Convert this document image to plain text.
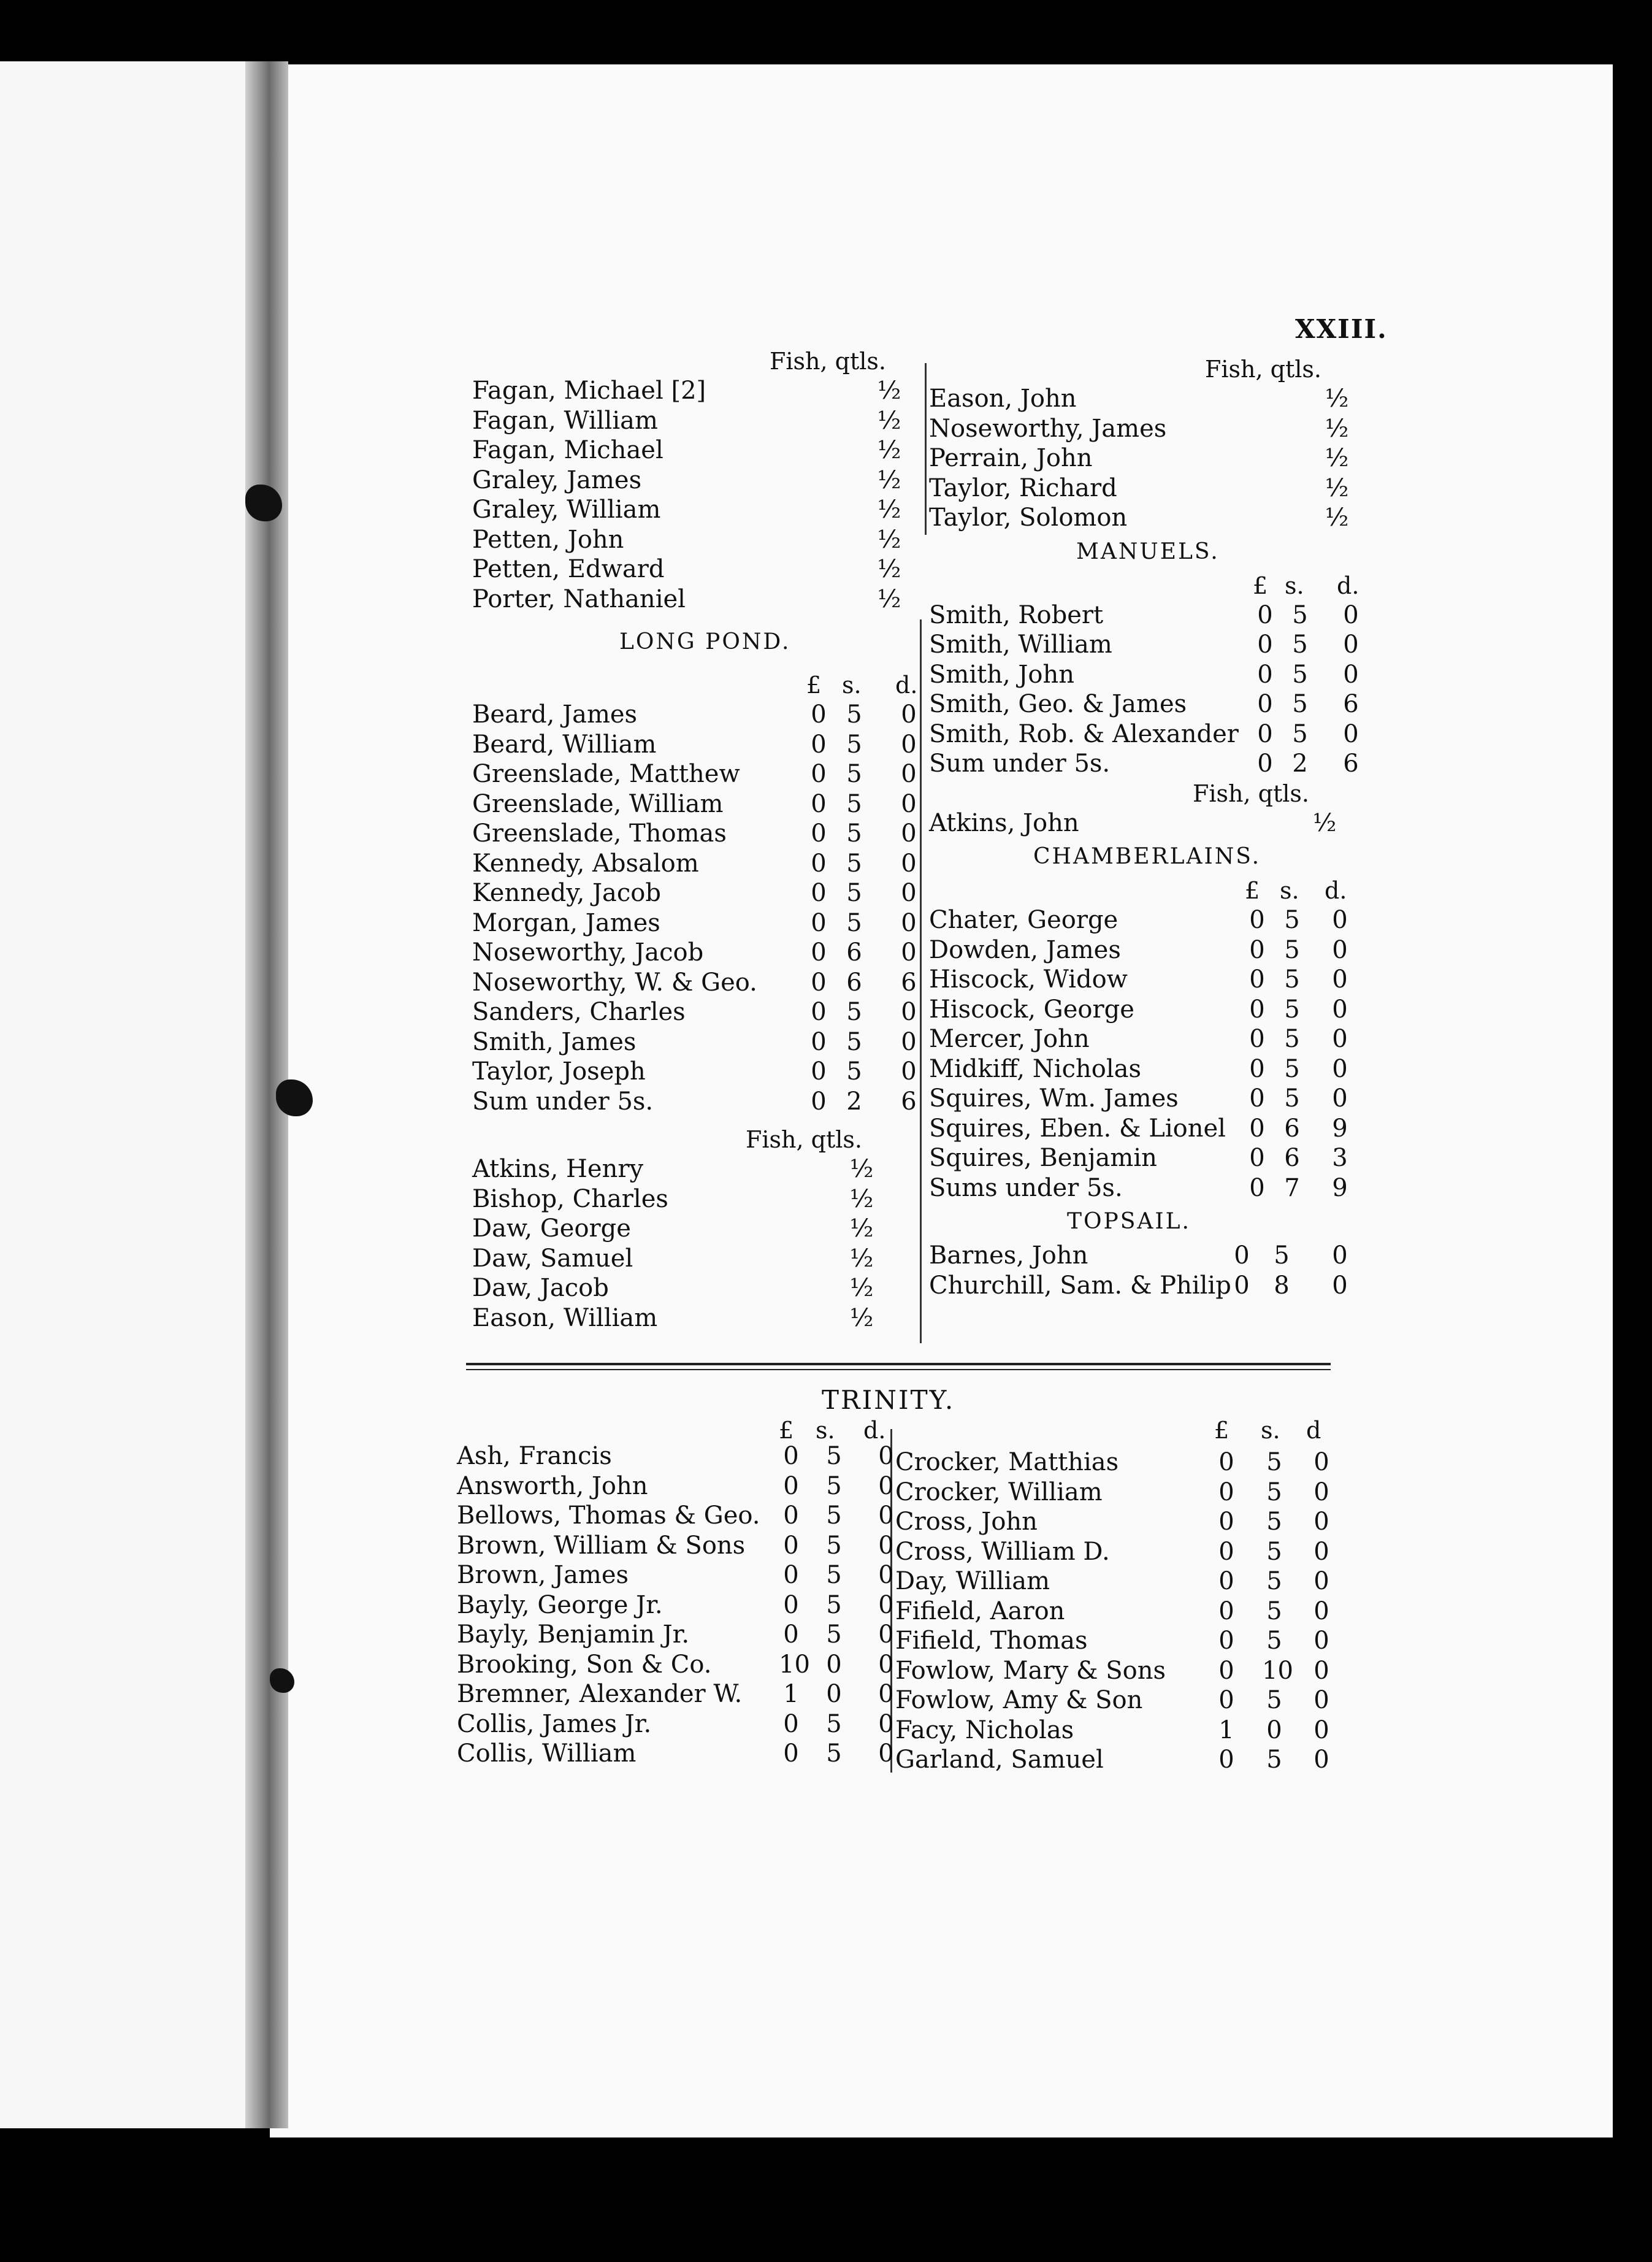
XXIII.
Fish, qtls.
Fagan, Michael [2]	½
Fagan, William	½
Fagan, Michael	½
Graley, James	½
Graley, William	½
Petten, John	½
Petten, Edward	½
Porter, Nathaniel	½
LONG POND.
£ s. d.
Beard, James	0 5 0
Beard, William	0 5 0
Greenslade, Matthew	0 5 0
Greenslade, William	0 5 0
Greenslade, Thomas	0 5 0
Kennedy, Absalom	0 5 0
Kennedy, Jacob	0 5 0
Morgan, James	0 5 0
Noseworthy, Jacob	0 6 0
Noseworthy, W. & Geo. 0 6 6
Sanders, Charles	0 5 0
Smith, James	0 5 0
Taylor, Joseph	0 5 0
Sum under 5s.	0 2 6
Fish, qtls.
Atkins, Henry	½
Bishop, Charles	½
Daw, George	½
Daw, Samuel	½
Daw, Jacob	½
Eason, William	½
Fish, qtls.
Eason, John	½
Noseworthy, James	½
Perrain, John	½
Taylor, Richard	½
Taylor, Solomon	½
MANUELS.
£ s. d.
Smith, Robert	0 5 0
Smith, William	0 5 0
Smith, John	0 5 0
Smith, Geo. & James	0 5 6
Smith, Rob. & Alexander 0 5 0
Sum under 5s.	0 2 6
Fish, qtls.
Atkins, John	½
CHAMBERLAINS.
£ s. d.
Chater, George	0 5 0
Dowden, James	0 5 0
Hiscock, Widow	0 5 0
Hiscock, George	0 5 0
Mercer, John	0 5 0
Midkiff, Nicholas	0 5 0
Squires, Wm. James	0 5 0
Squires, Eben. & Lionel 0 6 9
Squires, Benjamin	0 6 3
Sums under 5s.	0 7 9
TOPSAIL.
Barnes, John	0 5 0
Churchill, Sam. & Philip 0 8 0
TRINITY.
£ s. d.	£ s. d
Ash, Francis	0 5 0
Answorth, John	0 5 0
Bellows, Thomas & Geo. 0 5 0
Brown, William & Sons 0 5 0
Brown, James	0 5 0
Bayly, George Jr.	0 5 0
Bayly, Benjamin Jr.	0 5 0
Brooking, Son & Co.	10 0 0
Bremner, Alexander W. 1 0 0
Collis, James Jr.	0 5 0
Collis, William	0 5 0
Crocker, Matthias	0 5 0
Crocker, William	0 5 0
Cross, John	0 5 0
Cross, William D.	0 5 0
Day, William	0 5 0
Fifield, Aaron	0 5 0
Fifield, Thomas	0 5 0
Fowlow, Mary & Sons 0 10 0
Fowlow, Amy & Son	0 5 0
Facy, Nicholas	1 0 0
Garland, Samuel	0 5 0
